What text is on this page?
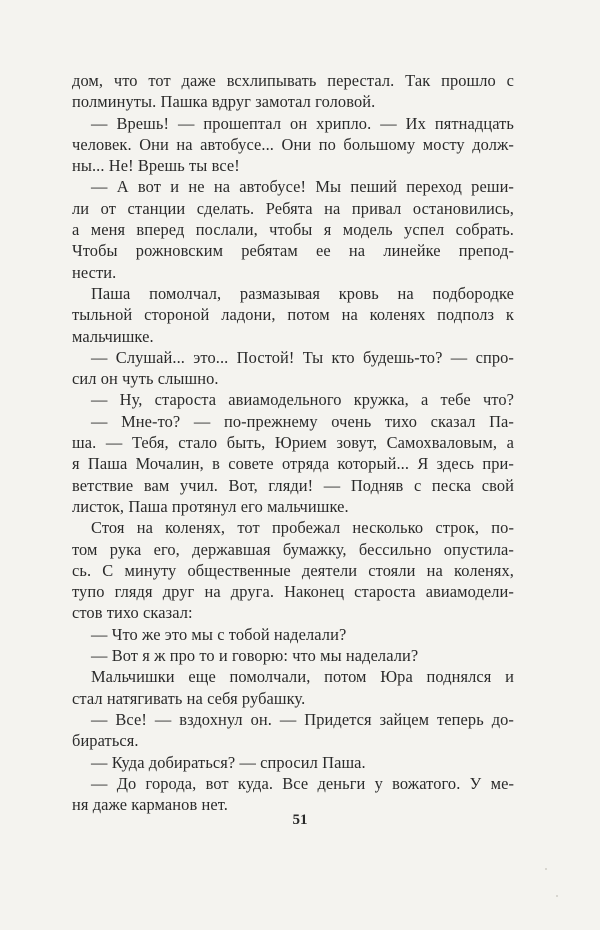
дом, что тот даже всхлипывать перестал. Так прошло с
полминуты. Пашка вдруг замотал головой.
— Врешь! — прошептал он хрипло. — Их пятнадцать
человек. Они на автобусе... Они по большому мосту долж-
ны... Не! Врешь ты все!
— А вот и не на автобусе! Мы пеший переход реши-
ли от станции сделать. Ребята на привал остановились,
а меня вперед послали, чтобы я модель успел собрать.
Чтобы рожновским ребятам ее на линейке препод-
нести.
Паша помолчал, размазывая кровь на подбородке
тыльной стороной ладони, потом на коленях подполз к
мальчишке.
— Слушай... это... Постой! Ты кто будешь-то? — спро-
сил он чуть слышно.
— Ну, староста авиамодельного кружка, а тебе что?
— Мне-то? — по-прежнему очень тихо сказал Па-
ша. — Тебя, стало быть, Юрием зовут, Самохваловым, а
я Паша Мочалин, в совете отряда который... Я здесь при-
ветствие вам учил. Вот, гляди! — Подняв с песка свой
листок, Паша протянул его мальчишке.
Стоя на коленях, тот пробежал несколько строк, по-
том рука его, державшая бумажку, бессильно опустила-
сь. С минуту общественные деятели стояли на коленях,
тупо глядя друг на друга. Наконец староста авиамодели-
стов тихо сказал:
— Что же это мы с тобой наделали?
— Вот я ж про то и говорю: что мы наделали?
Мальчишки еще помолчали, потом Юра поднялся и
стал натягивать на себя рубашку.
— Все! — вздохнул он. — Придется зайцем теперь до-
бираться.
— Куда добираться? — спросил Паша.
— До города, вот куда. Все деньги у вожатого. У ме-
ня даже карманов нет.
51
